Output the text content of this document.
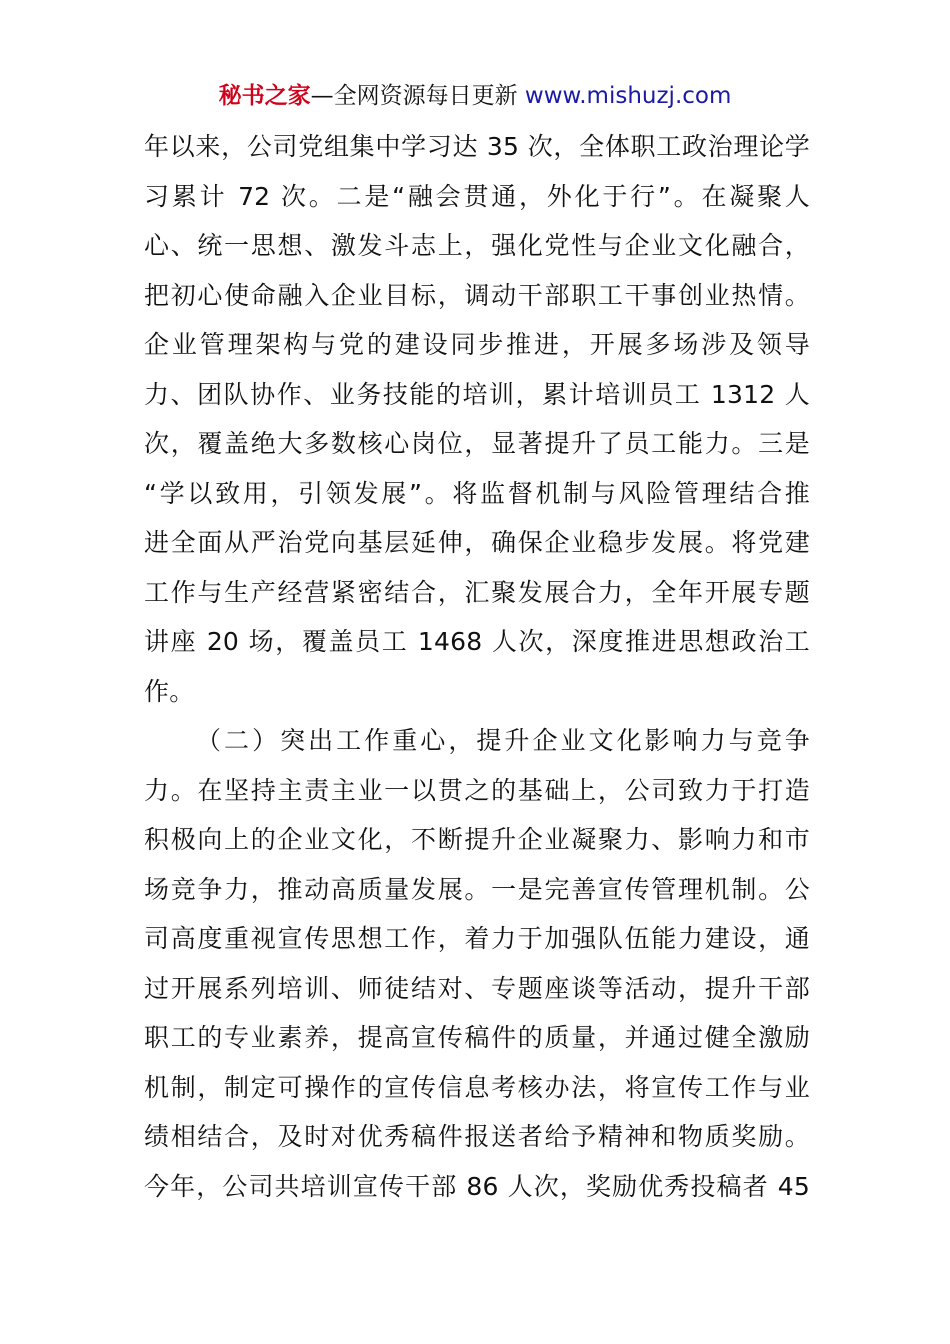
秘书之家—全网资源每日更新 www.mishuzj.com
年以来，公司党组集中学习达 35 次，全体职工政治理论学
习累计 72 次。二是“融会贯通，外化于行”。在凝聚人
心、统一思想、激发斗志上，强化党性与企业文化融合，
把初心使命融入企业目标，调动干部职工干事创业热情。
企业管理架构与党的建设同步推进，开展多场涉及领导
力、团队协作、业务技能的培训，累计培训员工 1312 人
次，覆盖绝大多数核心岗位，显著提升了员工能力。三是
“学以致用，引领发展”。将监督机制与风险管理结合推
进全面从严治党向基层延伸，确保企业稳步发展。将党建
工作与生产经营紧密结合，汇聚发展合力，全年开展专题
讲座 20 场，覆盖员工 1468 人次，深度推进思想政治工
作。
（二）突出工作重心，提升企业文化影响力与竞争
力。在坚持主责主业一以贯之的基础上，公司致力于打造
积极向上的企业文化，不断提升企业凝聚力、影响力和市
场竞争力，推动高质量发展。一是完善宣传管理机制。公
司高度重视宣传思想工作，着力于加强队伍能力建设，通
过开展系列培训、师徒结对、专题座谈等活动，提升干部
职工的专业素养，提高宣传稿件的质量，并通过健全激励
机制，制定可操作的宣传信息考核办法，将宣传工作与业
绩相结合，及时对优秀稿件报送者给予精神和物质奖励。
今年，公司共培训宣传干部 86 人次，奖励优秀投稿者 45
